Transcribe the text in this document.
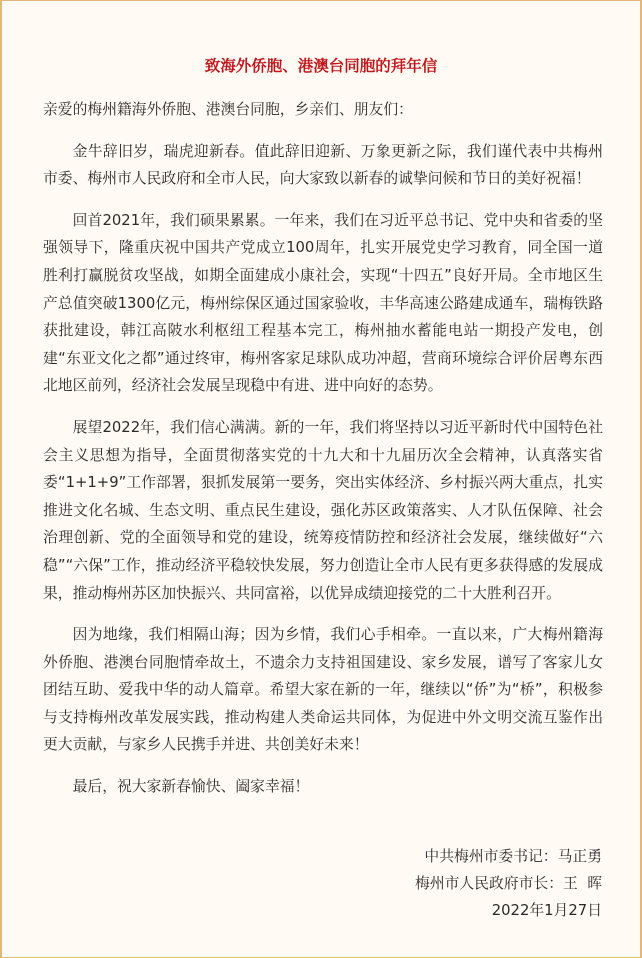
致海外侨胞、港澳台同胞的拜年信

亲爱的梅州籍海外侨胞、港澳台同胞，乡亲们、朋友们：

金牛辞旧岁，瑞虎迎新春。值此辞旧迎新、万象更新之际，我们谨代表中共梅州市委、梅州市人民政府和全市人民，向大家致以新春的诚挚问候和节日的美好祝福！

回首2021年，我们硕果累累。一年来，我们在习近平总书记、党中央和省委的坚强领导下，隆重庆祝中国共产党成立100周年，扎实开展党史学习教育，同全国一道胜利打赢脱贫攻坚战，如期全面建成小康社会，实现“十四五”良好开局。全市地区生产总值突破1300亿元，梅州综保区通过国家验收，丰华高速公路建成通车，瑞梅铁路获批建设，韩江高陂水利枢纽工程基本完工，梅州抽水蓄能电站一期投产发电，创建“东亚文化之都”通过终审，梅州客家足球队成功冲超，营商环境综合评价居粤东西北地区前列，经济社会发展呈现稳中有进、进中向好的态势。

展望2022年，我们信心满满。新的一年，我们将坚持以习近平新时代中国特色社会主义思想为指导，全面贯彻落实党的十九大和十九届历次全会精神，认真落实省委“1+1+9”工作部署，狠抓发展第一要务，突出实体经济、乡村振兴两大重点，扎实推进文化名城、生态文明、重点民生建设，强化苏区政策落实、人才队伍保障、社会治理创新、党的全面领导和党的建设，统筹疫情防控和经济社会发展，继续做好“六稳”“六保”工作，推动经济平稳较快发展，努力创造让全市人民有更多获得感的发展成果，推动梅州苏区加快振兴、共同富裕，以优异成绩迎接党的二十大胜利召开。

因为地缘，我们相隔山海；因为乡情，我们心手相牵。一直以来，广大梅州籍海外侨胞、港澳台同胞情牵故土，不遗余力支持祖国建设、家乡发展，谱写了客家儿女团结互助、爱我中华的动人篇章。希望大家在新的一年，继续以“侨”为“桥”，积极参与支持梅州改革发展实践，推动构建人类命运共同体，为促进中外文明交流互鉴作出更大贡献，与家乡人民携手并进、共创美好未来！

最后，祝大家新春愉快、阖家幸福！

中共梅州市委书记：马正勇
梅州市人民政府市长：王  晖
2022年1月27日
